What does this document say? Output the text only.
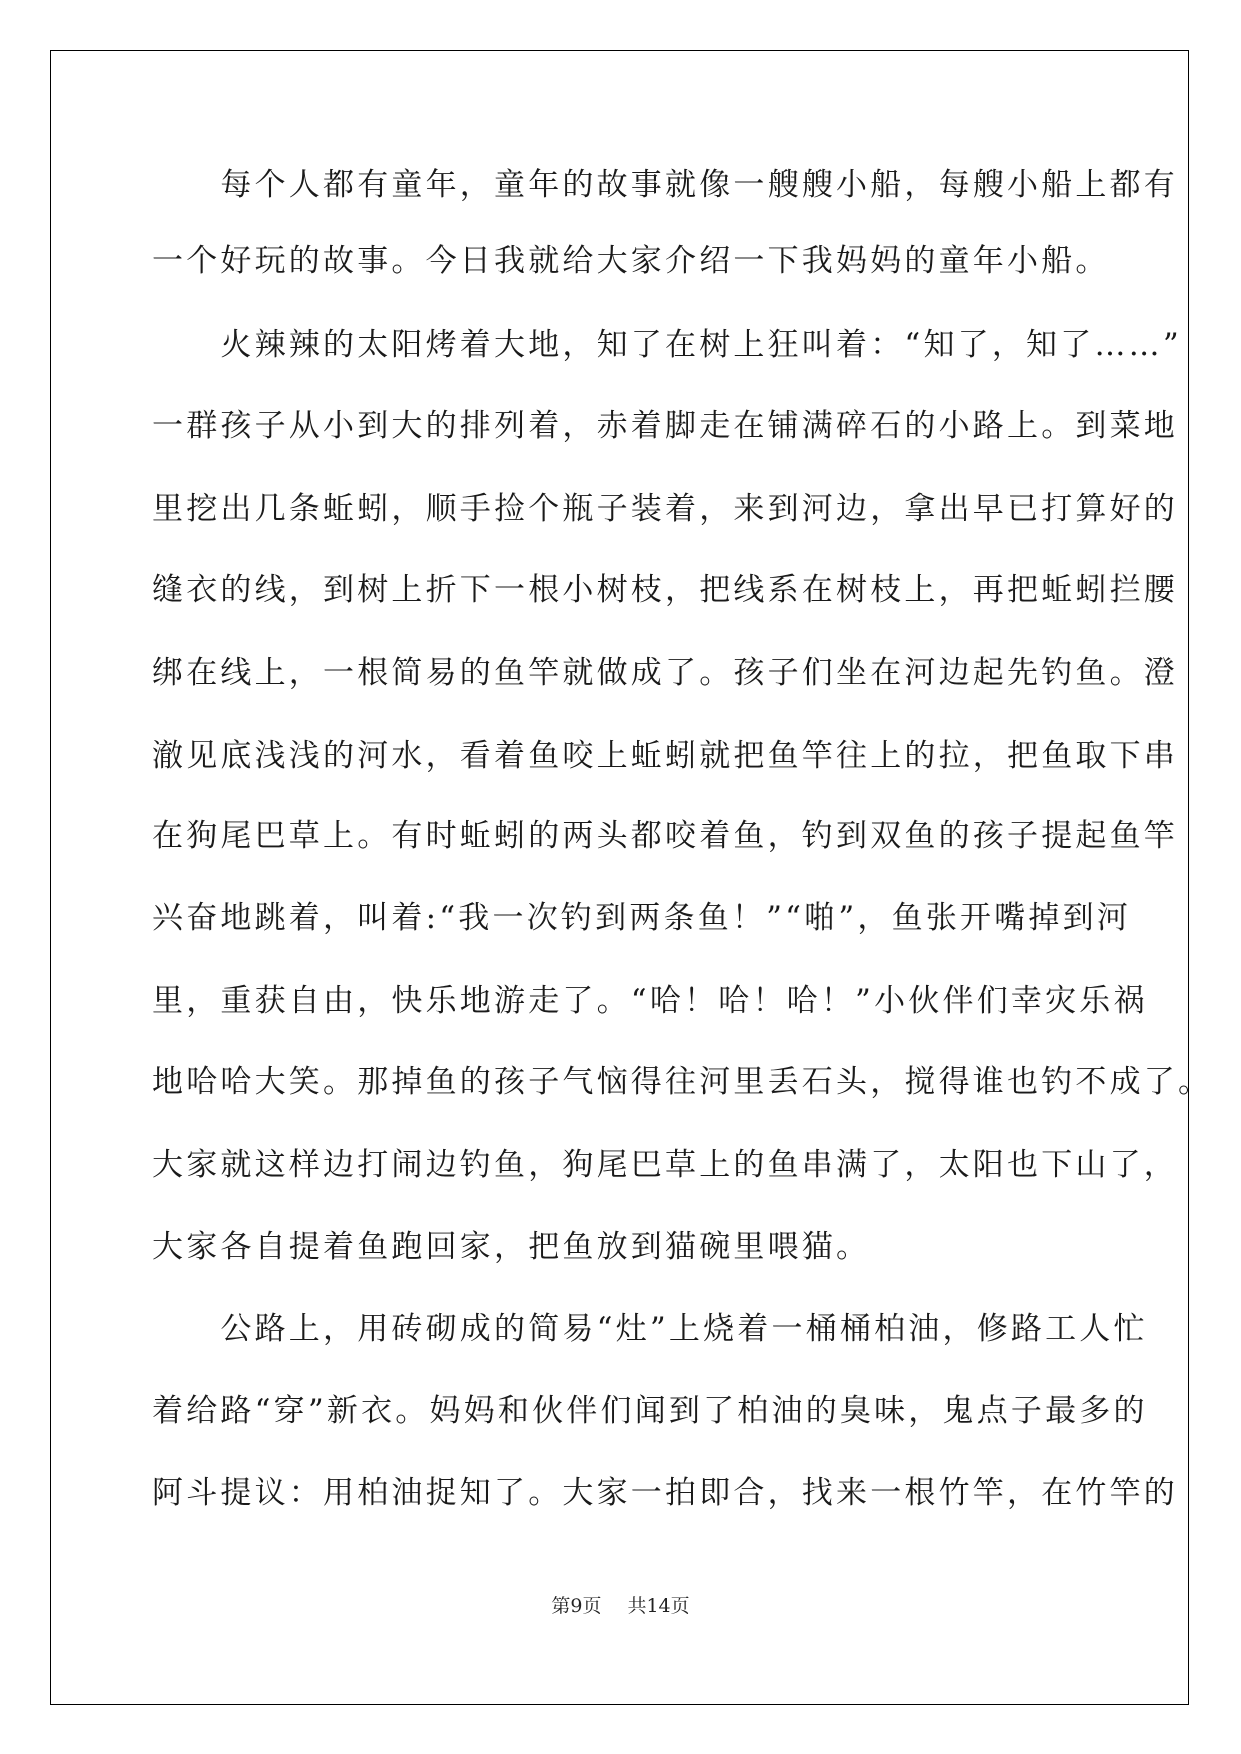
　　每个人都有童年，童年的故事就像一艘艘小船，每艘小船上都有
一个好玩的故事。今日我就给大家介绍一下我妈妈的童年小船。
　　火辣辣的太阳烤着大地，知了在树上狂叫着：“知了，知了……”
一群孩子从小到大的排列着，赤着脚走在铺满碎石的小路上。到菜地
里挖出几条蚯蚓，顺手捡个瓶子装着，来到河边，拿出早已打算好的
缝衣的线，到树上折下一根小树枝，把线系在树枝上，再把蚯蚓拦腰
绑在线上，一根简易的鱼竿就做成了。孩子们坐在河边起先钓鱼。澄
澈见底浅浅的河水，看着鱼咬上蚯蚓就把鱼竿往上的拉，把鱼取下串
在狗尾巴草上。有时蚯蚓的两头都咬着鱼，钓到双鱼的孩子提起鱼竿
兴奋地跳着，叫着:“我一次钓到两条鱼！”“啪”，鱼张开嘴掉到河
里，重获自由，快乐地游走了。“哈！哈！哈！”小伙伴们幸灾乐祸
地哈哈大笑。那掉鱼的孩子气恼得往河里丢石头，搅得谁也钓不成了。
大家就这样边打闹边钓鱼，狗尾巴草上的鱼串满了，太阳也下山了，
大家各自提着鱼跑回家，把鱼放到猫碗里喂猫。
　　公路上，用砖砌成的简易“灶”上烧着一桶桶柏油，修路工人忙
着给路“穿”新衣。妈妈和伙伴们闻到了柏油的臭味，鬼点子最多的
阿斗提议：用柏油捉知了。大家一拍即合，找来一根竹竿，在竹竿的
第9页 共14页
